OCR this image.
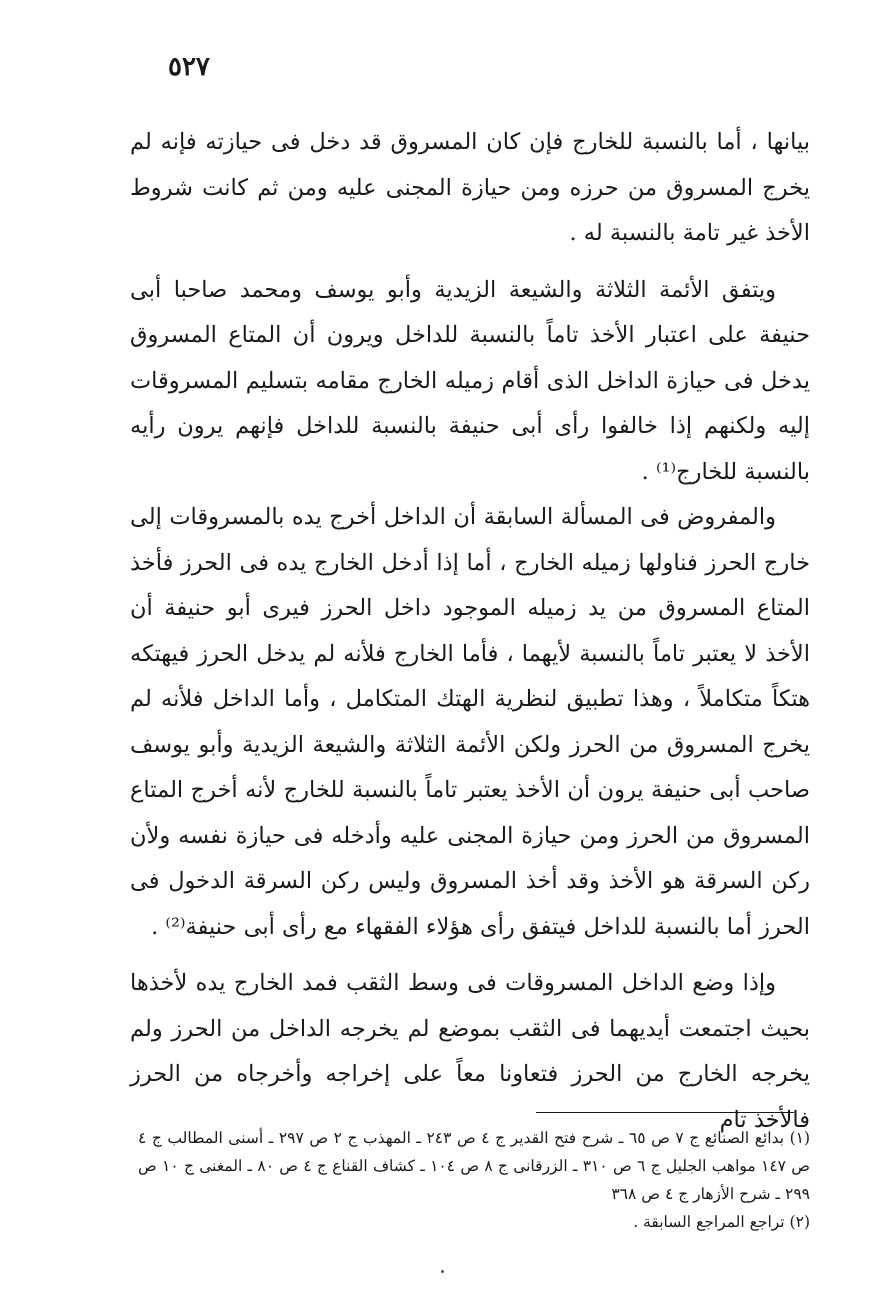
٥٢٧

بيانها ، أما بالنسبة للخارج فإن كان المسروق قد دخل فى حيازته فإنه لم يخرج المسروق من حرزه ومن حيازة المجنى عليه ومن ثم كانت شروط الأخذ غير تامة بالنسبة له .

ويتفق الأئمة الثلاثة والشيعة الزيدية وأبو يوسف ومحمد صاحبا أبى حنيفة على اعتبار الأخذ تاماً بالنسبة للداخل ويرون أن المتاع المسروق يدخل فى حيازة الداخل الذى أقام زميله الخارج مقامه بتسليم المسروقات إليه ولكنهم إذا خالفوا رأى أبى حنيفة بالنسبة للداخل فإنهم يرون رأيه بالنسبة للخارج⁽¹⁾ .

والمفروض فى المسألة السابقة أن الداخل أخرج يده بالمسروقات إلى خارج الحرز فناولها زميله الخارج ، أما إذا أدخل الخارج يده فى الحرز فأخذ المتاع المسروق من يد زميله الموجود داخل الحرز فيرى أبو حنيفة أن الأخذ لا يعتبر تاماً بالنسبة لأيهما ، فأما الخارج فلأنه لم يدخل الحرز فيهتكه هتكاً متكاملاً ، وهذا تطبيق لنظرية الهتك المتكامل ، وأما الداخل فلأنه لم يخرج المسروق من الحرز ولكن الأئمة الثلاثة والشيعة الزيدية وأبو يوسف صاحب أبى حنيفة يرون أن الأخذ يعتبر تاماً بالنسبة للخارج لأنه أخرج المتاع المسروق من الحرز ومن حيازة المجنى عليه وأدخله فى حيازة نفسه ولأن ركن السرقة هو الأخذ وقد أخذ المسروق وليس ركن السرقة الدخول فى الحرز أما بالنسبة للداخل فيتفق رأى هؤلاء الفقهاء مع رأى أبى حنيفة⁽²⁾ .

وإذا وضع الداخل المسروقات فى وسط الثقب فمد الخارج يده لأخذها بحيث اجتمعت أيديهما فى الثقب بموضع لم يخرجه الداخل من الحرز ولم يخرجه الخارج من الحرز فتعاونا معاً على إخراجه وأخرجاه من الحرز فالأخذ تام

(١) بدائع الصنائع ج ٧ ص ٦٥ ـ شرح فتح القدير ج ٤ ص ٢٤٣ ـ المهذب ج ٢ ص ٢٩٧ ـ أسنى المطالب ج ٤ ص ١٤٧ مواهب الجليل ج ٦ ص ٣١٠ ـ الزرقانى ج ٨ ص ١٠٤ ـ كشاف القناع ج ٤ ص ٨٠ ـ المغنى ج ١٠ ص ٢٩٩ ـ شرح الأزهار ج ٤ ص ٣٦٨

(٢) تراجع المراجع السابقة .
